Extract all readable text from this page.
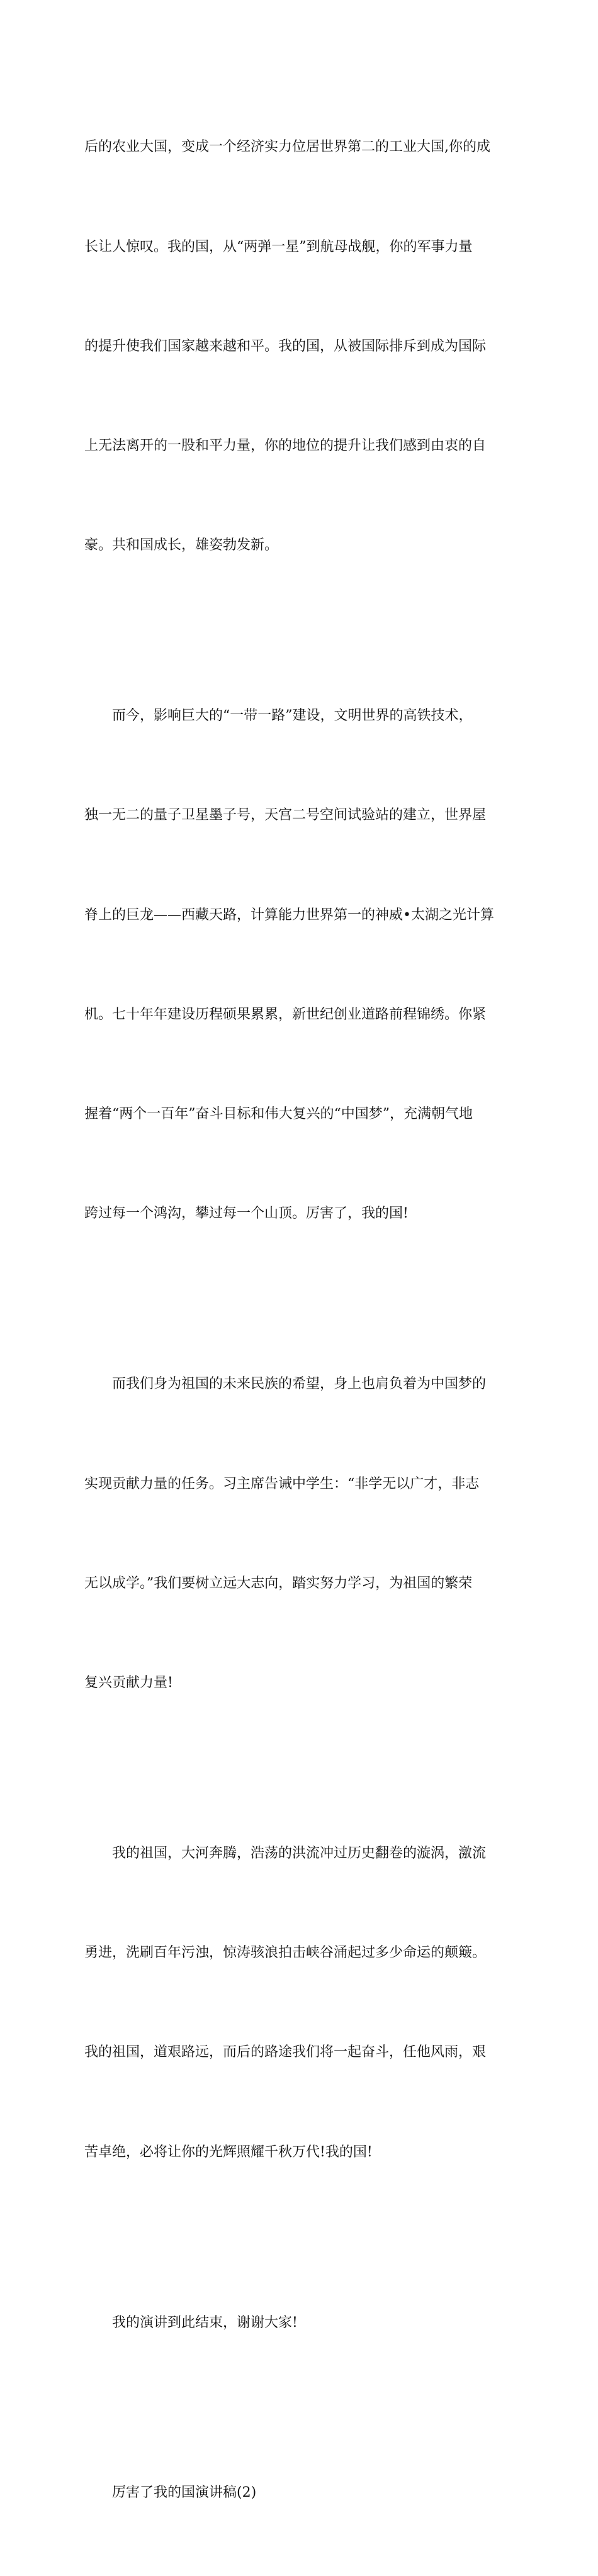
后的农业大国，变成一个经济实力位居世界第二的工业大国,你的成

长让人惊叹。我的国，从“两弹一星”到航母战舰，你的军事力量

的提升使我们国家越来越和平。我的国，从被国际排斥到成为国际

上无法离开的一股和平力量，你的地位的提升让我们感到由衷的自

豪。共和国成长，雄姿勃发新。

而今，影响巨大的“一带一路”建设，文明世界的高铁技术，

独一无二的量子卫星墨子号，天宫二号空间试验站的建立，世界屋

脊上的巨龙——西藏天路，计算能力世界第一的神威•太湖之光计算

机。七十年年建设历程硕果累累，新世纪创业道路前程锦绣。你紧

握着“两个一百年”奋斗目标和伟大复兴的“中国梦”，充满朝气地

跨过每一个鸿沟，攀过每一个山顶。厉害了，我的国!

而我们身为祖国的未来民族的希望，身上也肩负着为中国梦的

实现贡献力量的任务。习主席告诫中学生：“非学无以广才，非志

无以成学。”我们要树立远大志向，踏实努力学习，为祖国的繁荣

复兴贡献力量!

我的祖国，大河奔腾，浩荡的洪流冲过历史翻卷的漩涡，激流

勇进，洗刷百年污浊，惊涛骇浪拍击峡谷涌起过多少命运的颠簸。

我的祖国，道艰路远，而后的路途我们将一起奋斗，任他风雨，艰

苦卓绝，必将让你的光辉照耀千秋万代!我的国!

我的演讲到此结束，谢谢大家!

厉害了我的国演讲稿(2)
